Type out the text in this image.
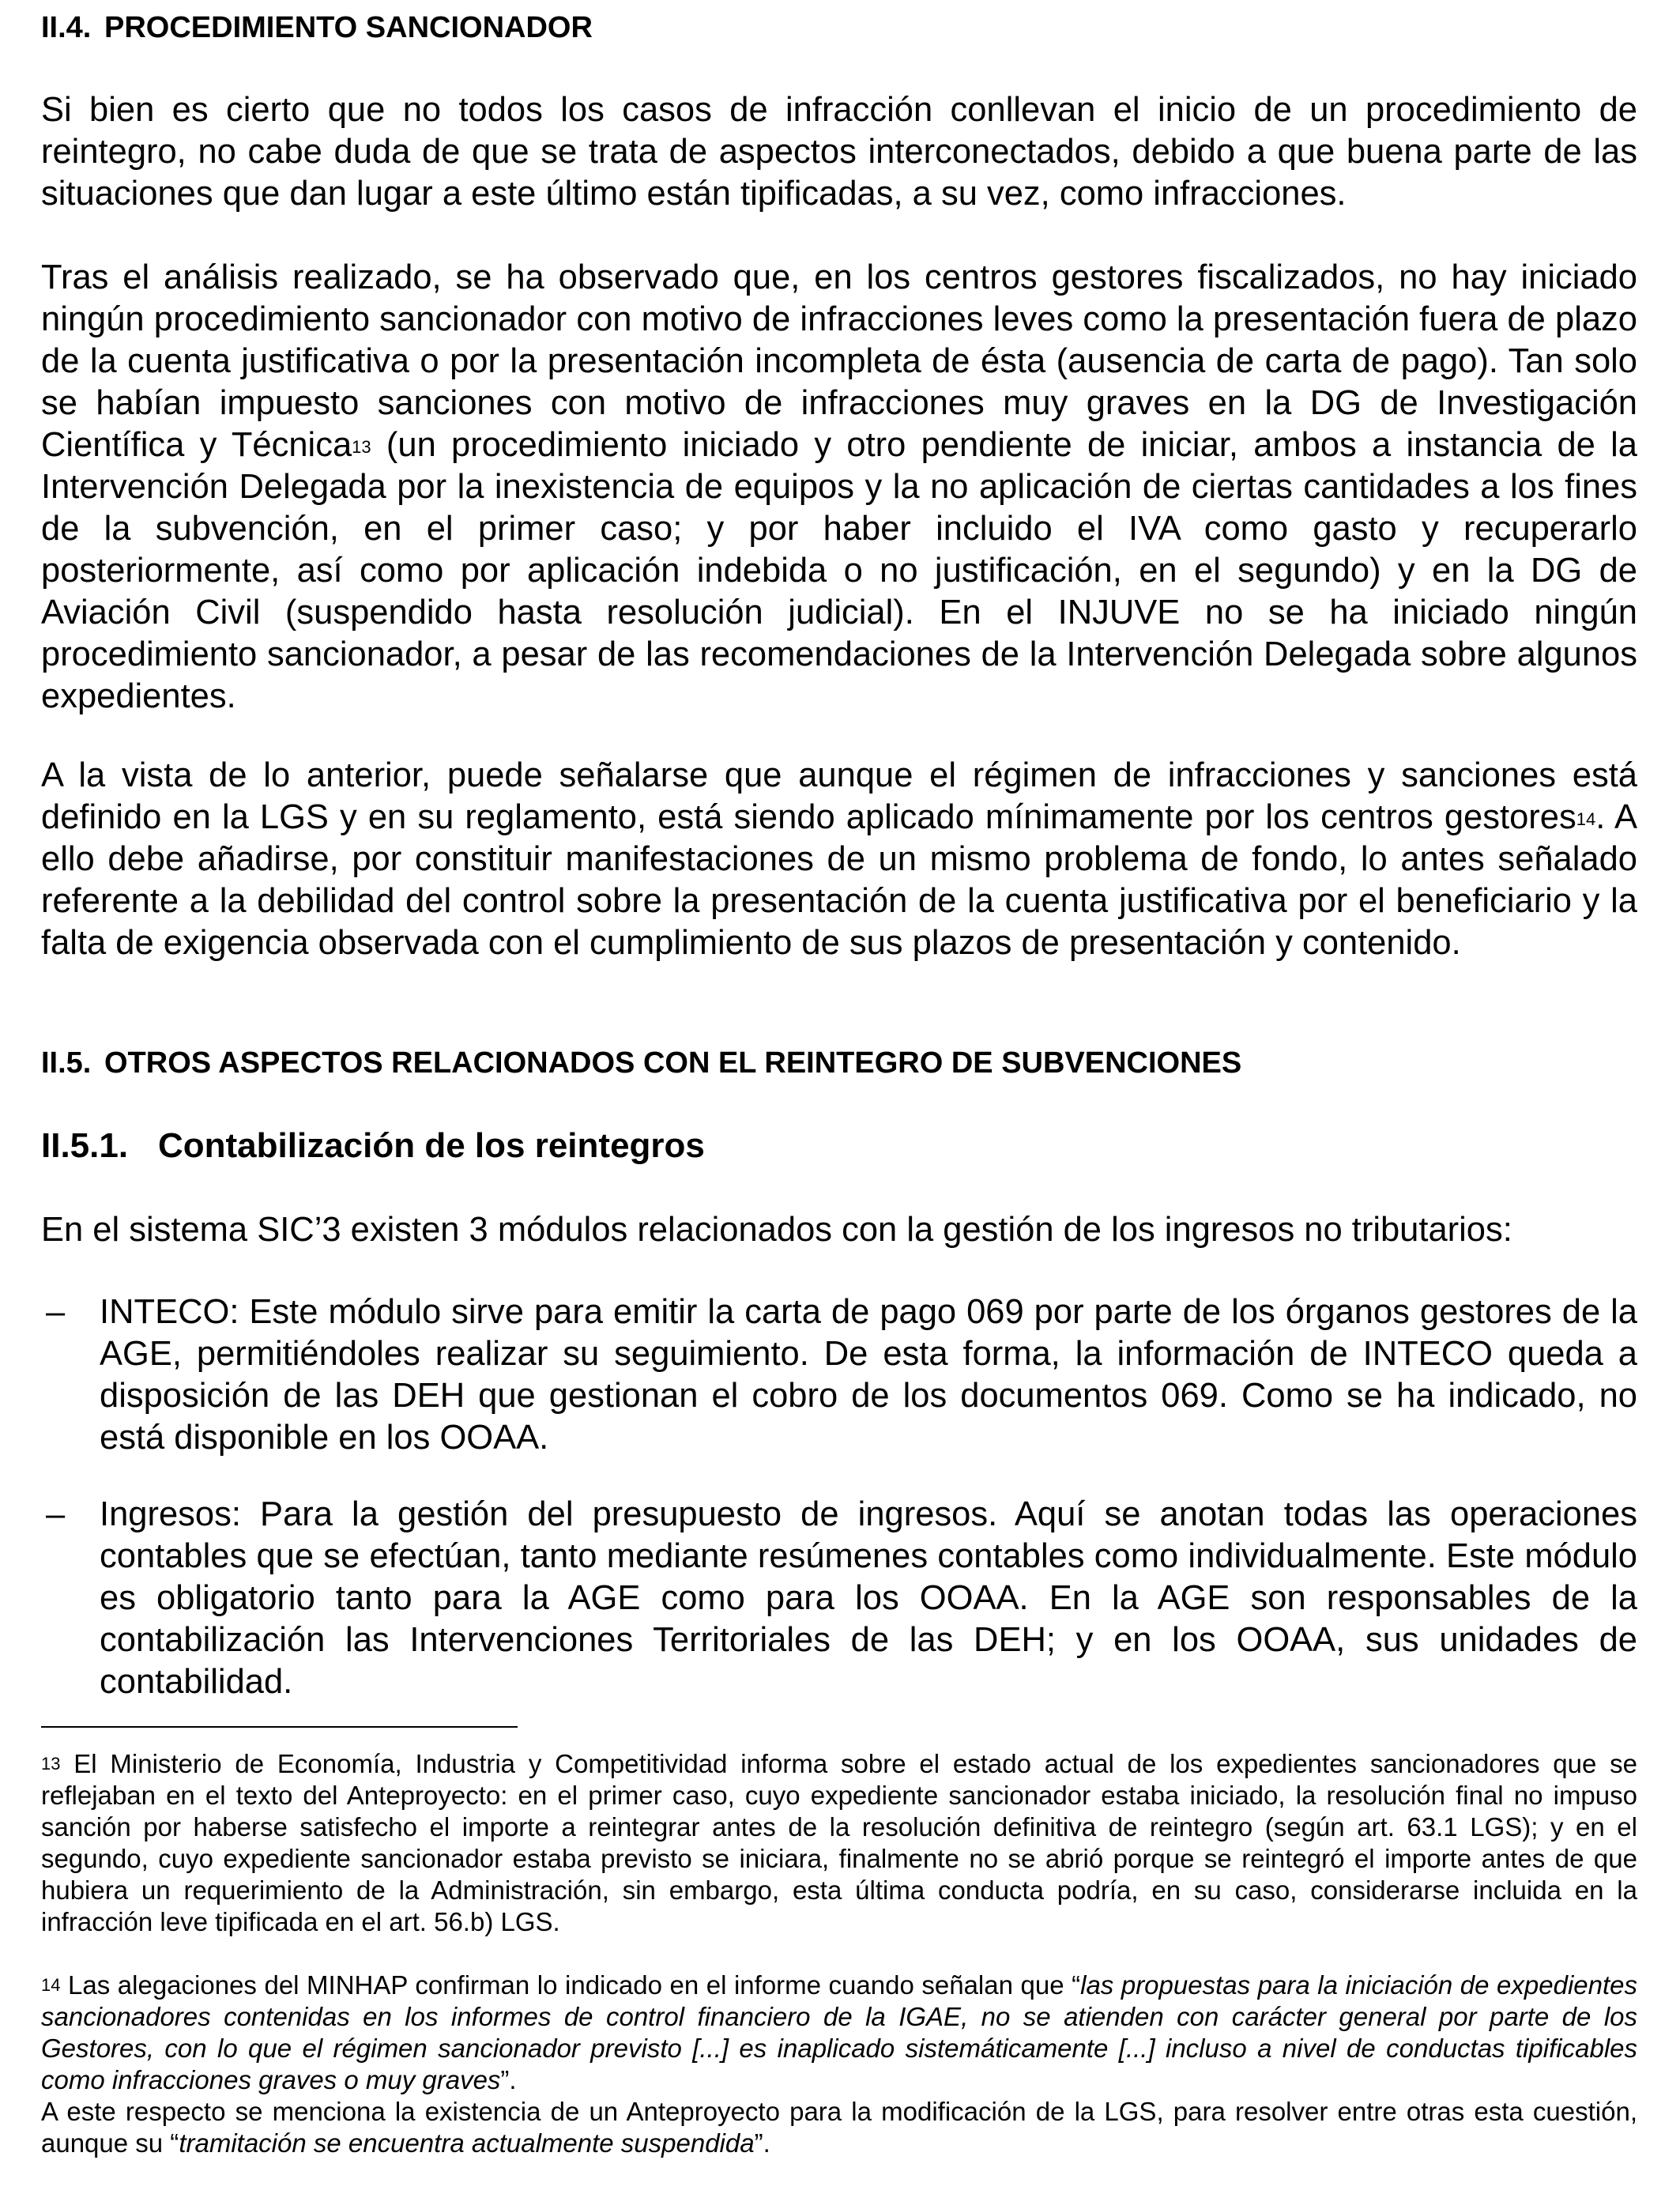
II.4. PROCEDIMIENTO SANCIONADOR

Si bien es cierto que no todos los casos de infracción conllevan el inicio de un procedimiento de reintegro, no cabe duda de que se trata de aspectos interconectados, debido a que buena parte de las situaciones que dan lugar a este último están tipificadas, a su vez, como infracciones.

Tras el análisis realizado, se ha observado que, en los centros gestores fiscalizados, no hay iniciado ningún procedimiento sancionador con motivo de infracciones leves como la presentación fuera de plazo de la cuenta justificativa o por la presentación incompleta de ésta (ausencia de carta de pago). Tan solo se habían impuesto sanciones con motivo de infracciones muy graves en la DG de Investigación Científica y Técnica$^{13}$ (un procedimiento iniciado y otro pendiente de iniciar, ambos a instancia de la Intervención Delegada por la inexistencia de equipos y la no aplicación de ciertas cantidades a los fines de la subvención, en el primer caso; y por haber incluido el IVA como gasto y recuperarlo posteriormente, así como por aplicación indebida o no justificación, en el segundo) y en la DG de Aviación Civil (suspendido hasta resolución judicial). En el INJUVE no se ha iniciado ningún procedimiento sancionador, a pesar de las recomendaciones de la Intervención Delegada sobre algunos expedientes.

A la vista de lo anterior, puede señalarse que aunque el régimen de infracciones y sanciones está definido en la LGS y en su reglamento, está siendo aplicado mínimamente por los centros gestores$^{14}$. A ello debe añadirse, por constituir manifestaciones de un mismo problema de fondo, lo antes señalado referente a la debilidad del control sobre la presentación de la cuenta justificativa por el beneficiario y la falta de exigencia observada con el cumplimiento de sus plazos de presentación y contenido.

II.5. OTROS ASPECTOS RELACIONADOS CON EL REINTEGRO DE SUBVENCIONES
II.5.1. Contabilización de los reintegros

En el sistema SIC’3 existen 3 módulos relacionados con la gestión de los ingresos no tributarios:

– INTECO: Este módulo sirve para emitir la carta de pago 069 por parte de los órganos gestores de la AGE, permitiéndoles realizar su seguimiento. De esta forma, la información de INTECO queda a disposición de las DEH que gestionan el cobro de los documentos 069. Como se ha indicado, no está disponible en los OOAA.

– Ingresos: Para la gestión del presupuesto de ingresos. Aquí se anotan todas las operaciones contables que se efectúan, tanto mediante resúmenes contables como individualmente. Este módulo es obligatorio tanto para la AGE como para los OOAA. En la AGE son responsables de la contabilización las Intervenciones Territoriales de las DEH; y en los OOAA, sus unidades de contabilidad.

$^{13}$ El Ministerio de Economía, Industria y Competitividad informa sobre el estado actual de los expedientes sancionadores que se reflejaban en el texto del Anteproyecto: en el primer caso, cuyo expediente sancionador estaba iniciado, la resolución final no impuso sanción por haberse satisfecho el importe a reintegrar antes de la resolución definitiva de reintegro (según art. 63.1 LGS); y en el segundo, cuyo expediente sancionador estaba previsto se iniciara, finalmente no se abrió porque se reintegró el importe antes de que hubiera un requerimiento de la Administración, sin embargo, esta última conducta podría, en su caso, considerarse incluida en la infracción leve tipificada en el art. 56.b) LGS.

$^{14}$ Las alegaciones del MINHAP confirman lo indicado en el informe cuando señalan que “las propuestas para la iniciación de expedientes sancionadores contenidas en los informes de control financiero de la IGAE, no se atienden con carácter general por parte de los Gestores, con lo que el régimen sancionador previsto [...] es inaplicado sistemáticamente [...] incluso a nivel de conductas tipificables como infracciones graves o muy graves”.
A este respecto se menciona la existencia de un Anteproyecto para la modificación de la LGS, para resolver entre otras esta cuestión, aunque su “tramitación se encuentra actualmente suspendida”.
